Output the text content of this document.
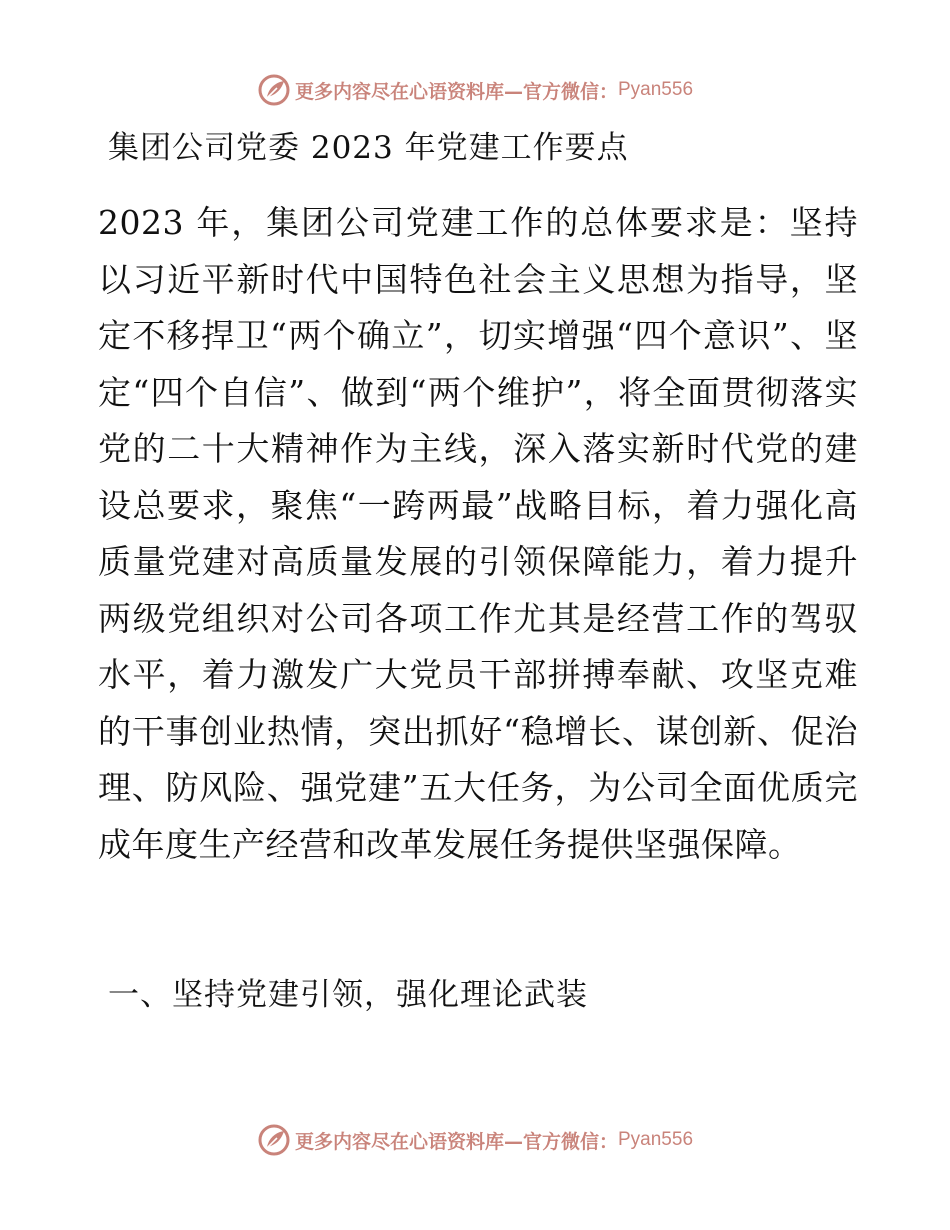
更多内容尽在心语资料库—官方微信： Pyan556
集团公司党委 2023 年党建工作要点

2023 年，集团公司党建工作的总体要求是：坚持以习近平新时代中国特色社会主义思想为指导，坚定不移捍卫“两个确立”，切实增强“四个意识”、坚定“四个自信”、做到“两个维护”，将全面贯彻落实党的二十大精神作为主线，深入落实新时代党的建设总要求，聚焦“一跨两最”战略目标，着力强化高质量党建对高质量发展的引领保障能力，着力提升两级党组织对公司各项工作尤其是经营工作的驾驭水平，着力激发广大党员干部拼搏奉献、攻坚克难的干事创业热情，突出抓好“稳增长、谋创新、促治理、防风险、强党建”五大任务，为公司全面优质完成年度生产经营和改革发展任务提供坚强保障。

一、坚持党建引领，强化理论武装
更多内容尽在心语资料库—官方微信： Pyan556
